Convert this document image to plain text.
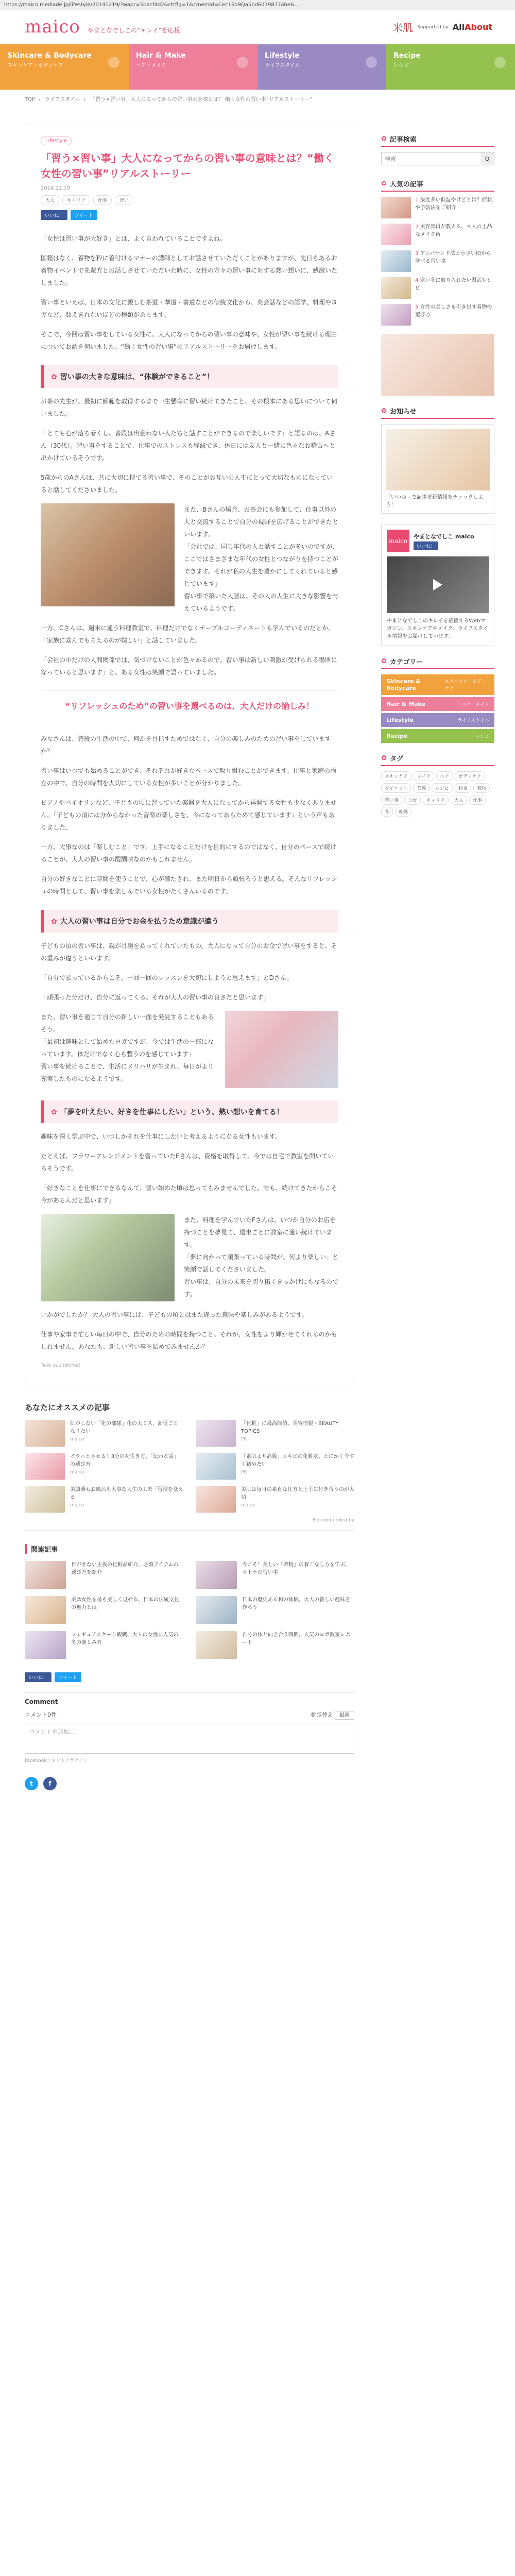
https://maico.mediade.jp/lifestyle/20141219/?wapr=5becf4d2&ctrflg=1&cmemId=Cec16o9Qa5bd6d19877abe&...
maico やまとなでしこの“キレイ”を応援	米肌 Supported by AllAbout
Skincare & Bodycare
スキンケア・ボディケア
Hair & Make
ヘア・メイク
Lifestyle
ライフスタイル
Recipe
レシピ
TOP › ライフスタイル › 「習う×習い事」大人になってからの習い事の意味とは？ 働く女性の習い事“リアルストーリー”
Lifestyle
「習う×習い事」大人になってからの習い事の意味とは？“働く女性の習い事”リアルストーリー
2014.12.19
大人	キャリア	仕事	習い
いいね！	ツイート

「女性は習い事が大好き」とは、よく言われていることですよね。

国籍はなく、着物を粋に着付けるマナーの講師としてお話させていただくことがありますが、先日もあるお着物イベントで先輩方とお話しさせていただいた時に、女性の方々の習い事に対する熱い想いに、感激いたしました。

習い事といえば、日本の文化に親しむ茶道・華道・書道などの伝統文化から、英会話などの語学、料理やヨガなど、数えきれないほどの種類があります。

そこで、今回は習い事をしている女性に、大人になってからの習い事の意味や、女性が習い事を続ける理由についてお話を伺いました。“働く女性の習い事”のリアルストーリーをお届けします。

✿ 習い事の大きな意味は、“体験ができること”！

お茶の先生が、最初に師範を取得するまで一生懸命に習い続けてきたこと、その根本にある思いについて伺いました。

「とても心が落ち着くし、普段は出会わない人たちと話すことができるので楽しいです」と語るのは、Aさん（30代）。習い事をすることで、仕事でのストレスも軽減でき、休日には友人と一緒に色々なお稽古へと出かけているそうです。

5歳からのAさんは、共に大切に持てる習い事で、そのことがお互いの人生にとって大切なものになっていると話してくださいました。

また、Bさんの場合、お茶会にも参加して、仕事以外の人と交流することで自分の視野を広げることができたといいます。

「会社では、同じ年代の人と話すことが多いのですが、ここではさまざまな年代の女性とつながりを持つことができます。それが私の人生を豊かにしてくれていると感じています」

習い事で築いた人脈は、その人の人生に大きな影響を与えているようです。

一方、Cさんは、週末に通う料理教室で、料理だけでなくテーブルコーディネートも学んでいるのだとか。「家族に喜んでもらえるのが嬉しい」と話していました。

「会社の中だけの人間関係では、気づけないことが色々あるので、習い事は新しい刺激が受けられる場所になっていると思います」と、ある女性は笑顔で語っていました。

“リフレッシュのため”の習い事を選べるのは、大人だけの愉しみ！

みなさんは、普段の生活の中で、何かを目指すためではなく、自分の楽しみのための習い事をしていますか？

習い事はいつでも始めることができ、それぞれが好きなペースで取り組むことができます。仕事と家庭の両立の中で、自分の時間を大切にしている女性が多いことが分かりました。

ピアノやバイオリンなど、子どもの頃に習っていた楽器を大人になってから再開する女性も少なくありません。「子どもの頃には分からなかった音楽の楽しさを、今になってあらためて感じています」という声もありました。

一方、大事なのは「楽しむこと」です。上手になることだけを目的にするのではなく、自分のペースで続けることが、大人の習い事の醍醐味なのかもしれません。

自分の好きなことに時間を使うことで、心が満たされ、また明日から頑張ろうと思える。そんなリフレッシュの時間として、習い事を楽しんでいる女性がたくさんいるのです。

✿ 大人の習い事は自分でお金を払うため意識が違う

子どもの頃の習い事は、親が月謝を払ってくれていたもの。大人になって自分のお金で習い事をすると、その重みが違うといいます。

「自分で払っているからこそ、一回一回のレッスンを大切にしようと思えます」とDさん。

「頑張った分だけ、自分に返ってくる。それが大人の習い事の良さだと思います」

また、習い事を通じて自分の新しい一面を発見することもあるそう。

「最初は趣味として始めたヨガですが、今では生活の一部になっています。体だけでなく心も整うのを感じています」

習い事を続けることで、生活にメリハリが生まれ、毎日がより充実したものになるようです。

✿ 「夢を叶えたい、好きを仕事にしたい」という、熱い想いを育てる！

趣味を深く学ぶ中で、いつしかそれを仕事にしたいと考えるようになる女性もいます。

たとえば、フラワーアレンジメントを習っていたEさんは、資格を取得して、今では自宅で教室を開いているそうです。

「好きなことを仕事にできるなんて、習い始めた頃は思ってもみませんでした。でも、続けてきたからこそ今があるんだと思います」

また、料理を学んでいたFさんは、いつか自分のお店を持つことを夢見て、週末ごとに教室に通い続けています。

「夢に向かって頑張っている時間が、何より楽しい」と笑顔で話してくださいました。

習い事は、自分の未来を切り拓くきっかけにもなるのです。

いかがでしたか？ 大人の習い事には、子どもの頃とはまた違った意味や楽しみがあるようです。

仕事や家事で忙しい毎日の中で、自分のための時間を持つこと。それが、女性をより輝かせてくれるのかもしれません。あなたも、新しい習い事を始めてみませんか？

Text: suu (shima)
あなたにオススメの記事
肌がしない「化の部隊」化の大ミス、新習ごとなりたい
maico
「化粧」に最高価値、美容情報・BEAUTY TOPICS
PR
イラっとさせる！3分の初生き方、「伝わる話」の選び方
maico
「素肌より高級」ニキビの化粧水、とにかく今すぐ初めたい
PR
美顔器もお風呂も大事な人生の工夫「習慣を変える」
maico
美肌は毎日の素直な仕方と上手に付き合うのが大切
maico
Recommended by
関連記事
目がさない主役の化粧品紹介、必須アイテムの選び方を紹介
今こそ！美しい「着物」の着こなし方を学ぶ、オトナの習い事
美は女性を最も美しく見せる、日本の伝統文化の魅力とは
日本の歴史ある和の体験。大人の新しい趣味を作ろう
フィギュアスケート観戦、大人の女性に人気の冬の楽しみ方
自分の体と向き合う時間。人気のヨガ教室レポート
いいね！	ツイート
Comment
コメント0件	並び替え 最新
コメントを追加...
Facebookコメントプラグイン
t	f
✿ 記事検索
検索
Q
✿ 人気の記事
1 最近多い低温やけどとは？症状や予防法をご紹介
2 美容部員が教える、大人の上品なメイク術
3 アンパサンド法と小さい頃から学べる習い事
4 寒い冬に取り入れたい温活レシピ
5 女性の美しさを引き出す着物の選び方
✿ お知らせ
「いいね」で記事更新情報をチェックしよう！
maico
やまとなでしこ maico
いいね！
やまとなでしこのキレイを応援するWebマガジン。スキンケアやメイク、ライフスタイル情報をお届けしています。
✿ カテゴリー
Skincare & Bodycare
スキンケア・ボディケア
Hair & Make	ヘア・メイク
Lifestyle	ライフスタイル
Recipe	レシピ
✿ タグ
スキンケア	メイク	ヘア	ボディケア
ダイエット	美容	レシピ	和食	着物
習い事	ヨガ	キャリア	大人	仕事
冬	乾燥
